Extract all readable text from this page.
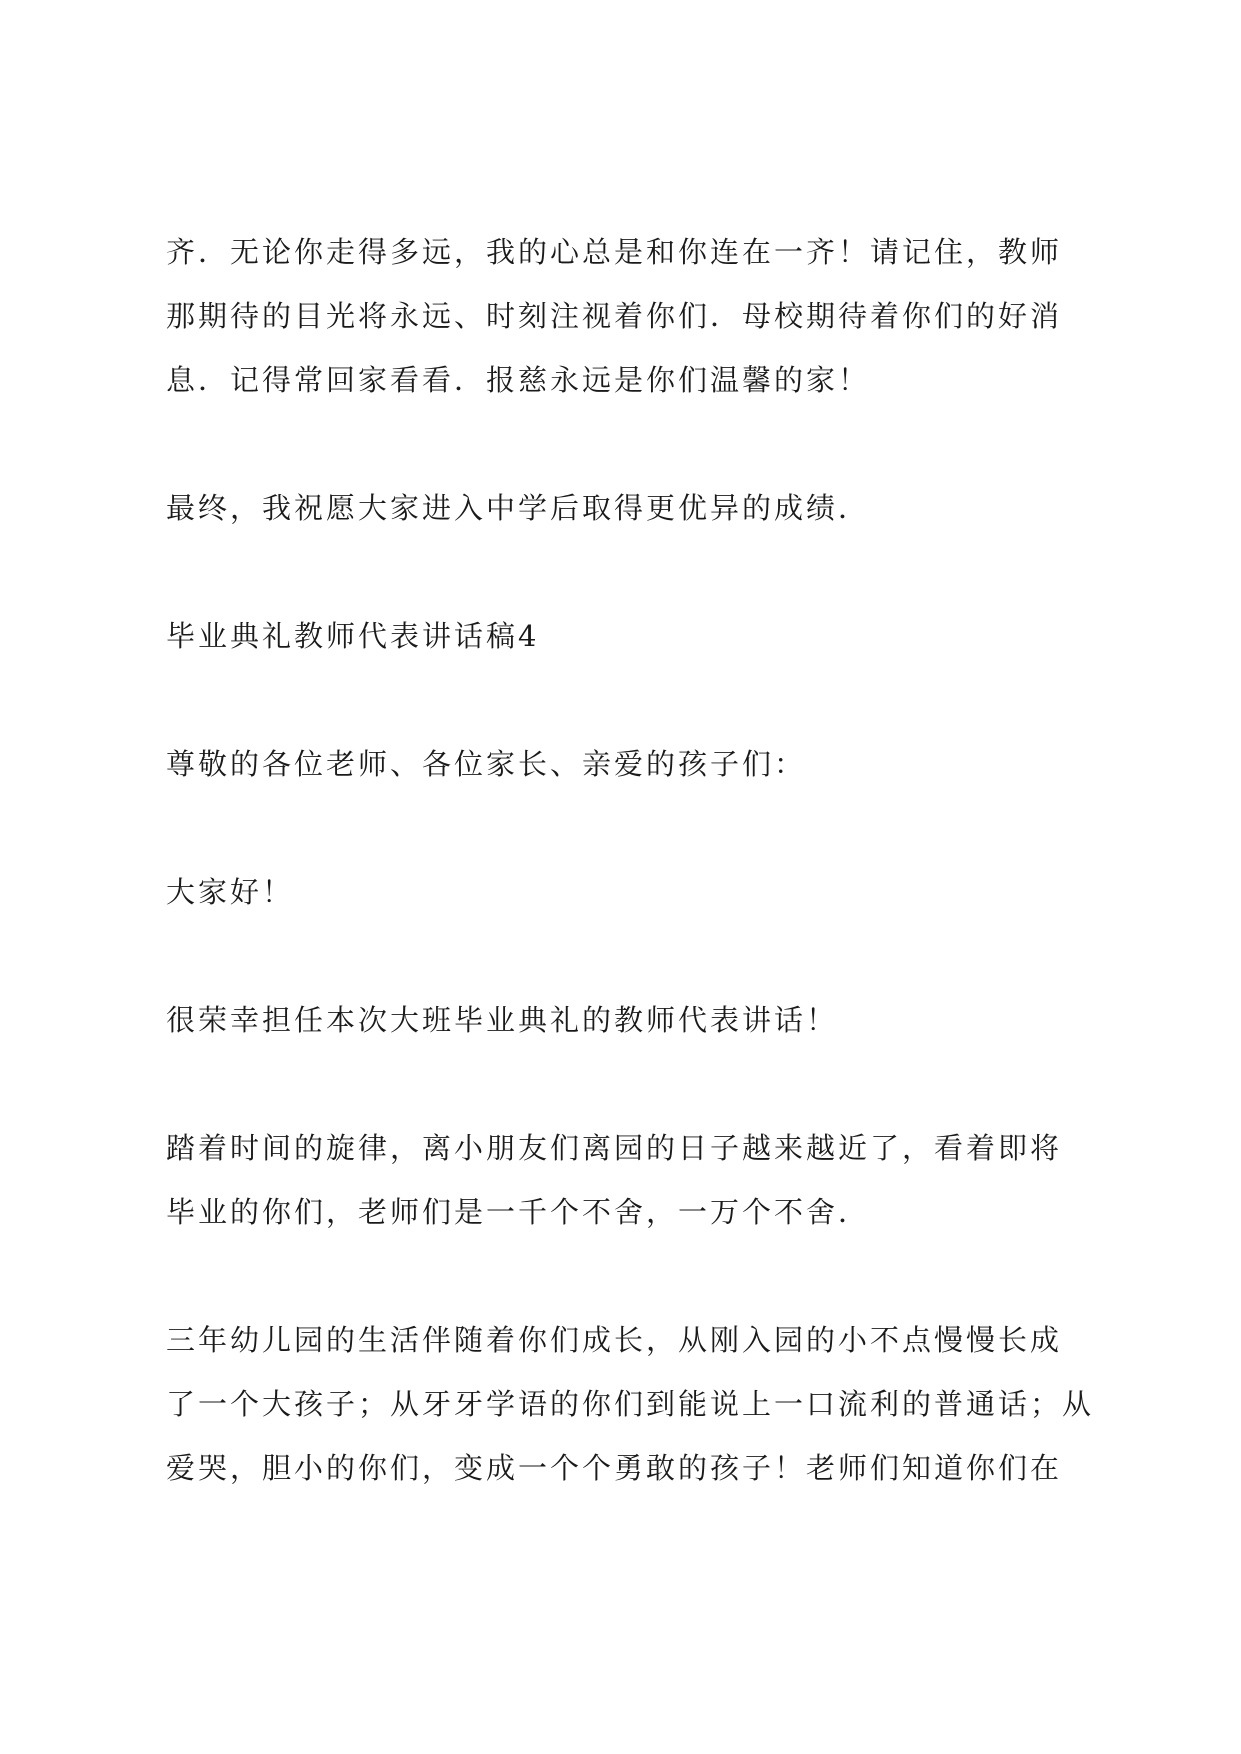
齐．无论你走得多远，我的心总是和你连在一齐！请记住，教师
那期待的目光将永远、时刻注视着你们．母校期待着你们的好消
息．记得常回家看看．报慈永远是你们温馨的家！
最终，我祝愿大家进入中学后取得更优异的成绩．
毕业典礼教师代表讲话稿4
尊敬的各位老师、各位家长、亲爱的孩子们：
大家好！
很荣幸担任本次大班毕业典礼的教师代表讲话！
踏着时间的旋律，离小朋友们离园的日子越来越近了，看着即将
毕业的你们，老师们是一千个不舍，一万个不舍．
三年幼儿园的生活伴随着你们成长，从刚入园的小不点慢慢长成
了一个大孩子；从牙牙学语的你们到能说上一口流利的普通话；从
爱哭，胆小的你们，变成一个个勇敢的孩子！老师们知道你们在
